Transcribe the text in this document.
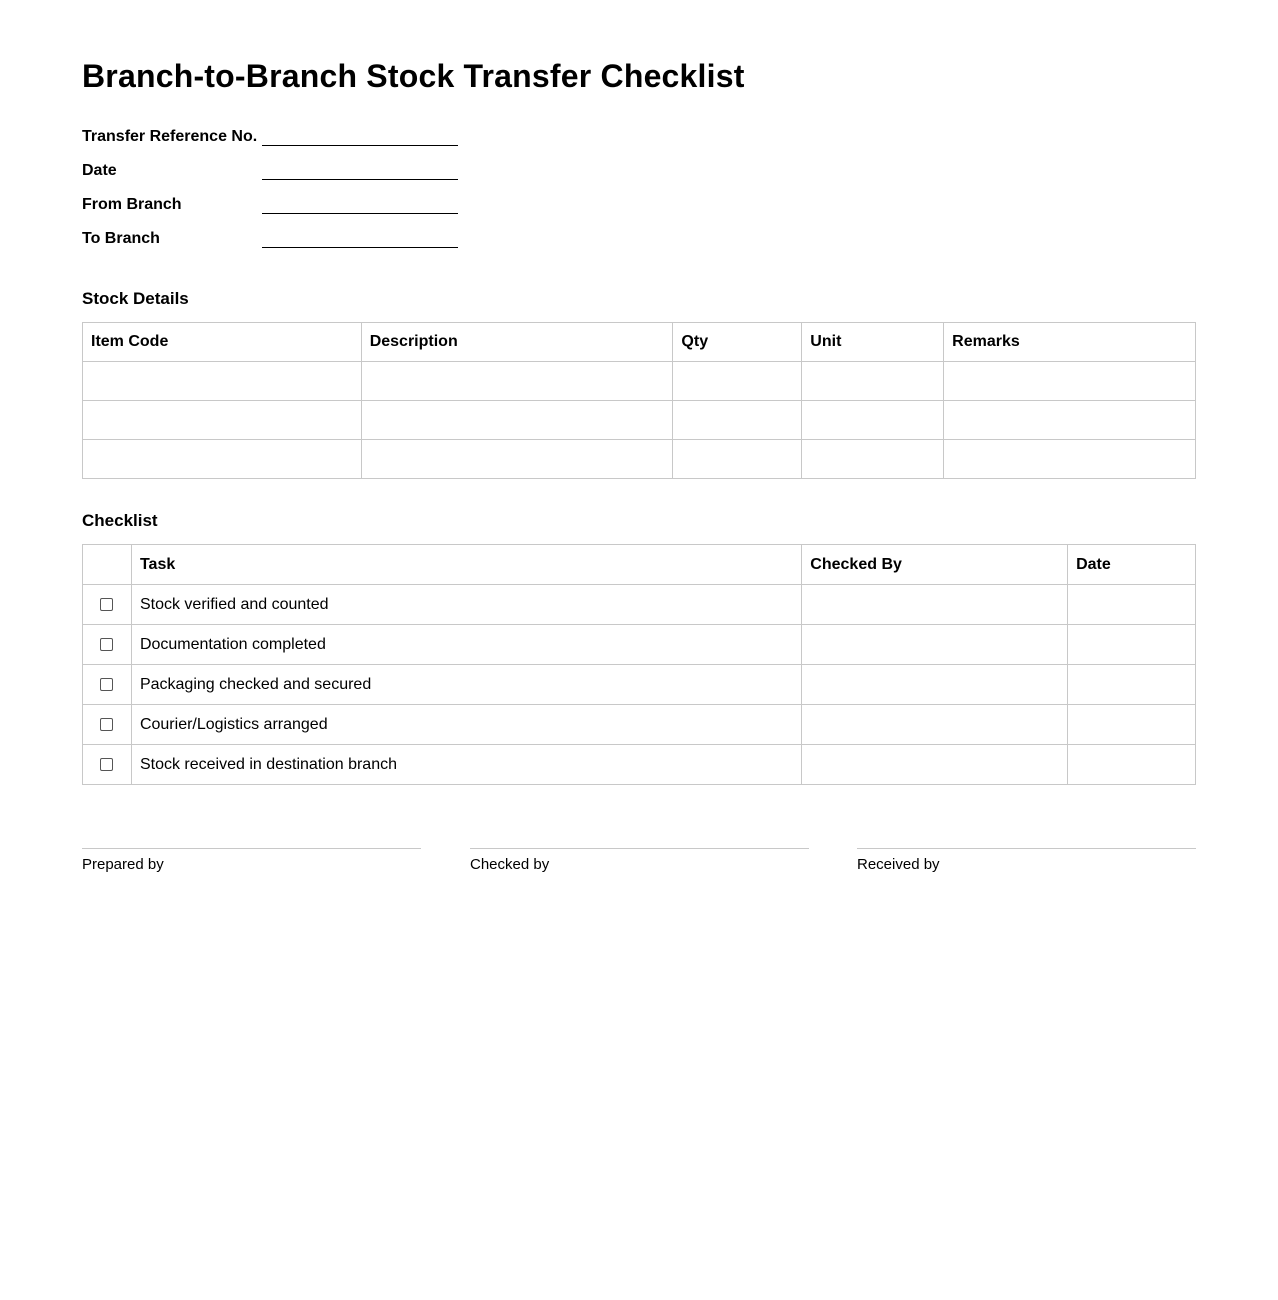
Branch-to-Branch Stock Transfer Checklist
Transfer Reference No.
Date
From Branch
To Branch
Stock Details
Item Code	Description	Qty	Unit	Remarks

Checklist
	Task	Checked By	Date
	Stock verified and counted		
	Documentation completed		
	Packaging checked and secured		
	Courier/Logistics arranged		
	Stock received in destination branch		
Prepared by	Checked by	Received by
